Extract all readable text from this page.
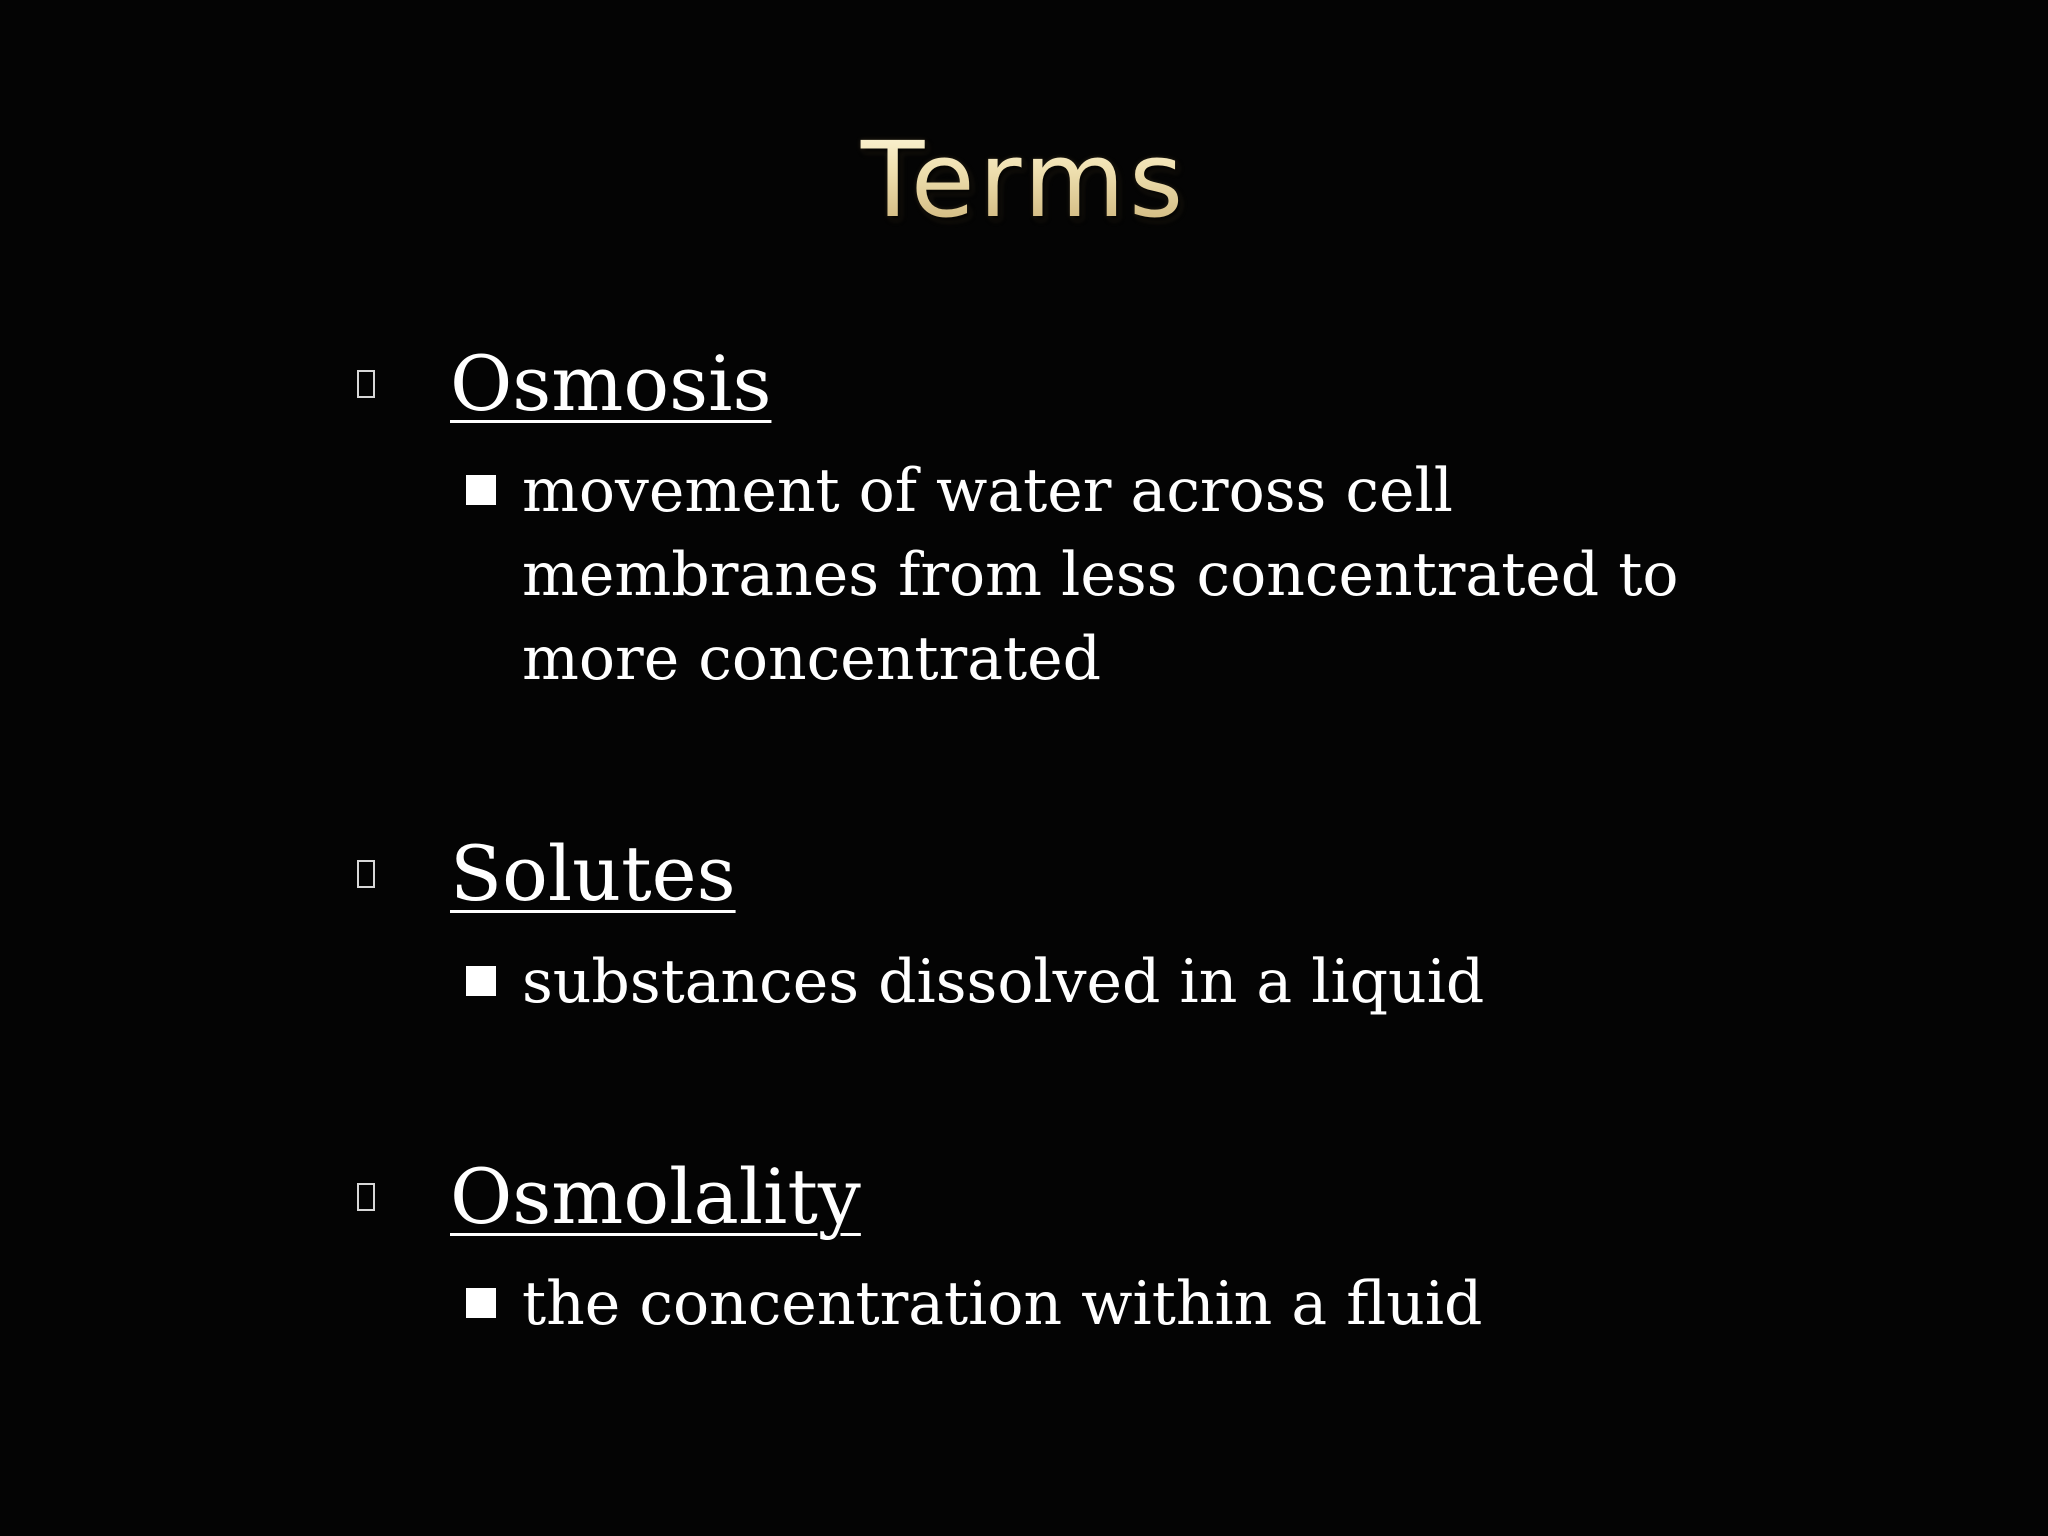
Terms
Osmosis
movement of water across cell
membranes from less concentrated to
more concentrated
Solutes
substances dissolved in a liquid
Osmolality
the concentration within a fluid
